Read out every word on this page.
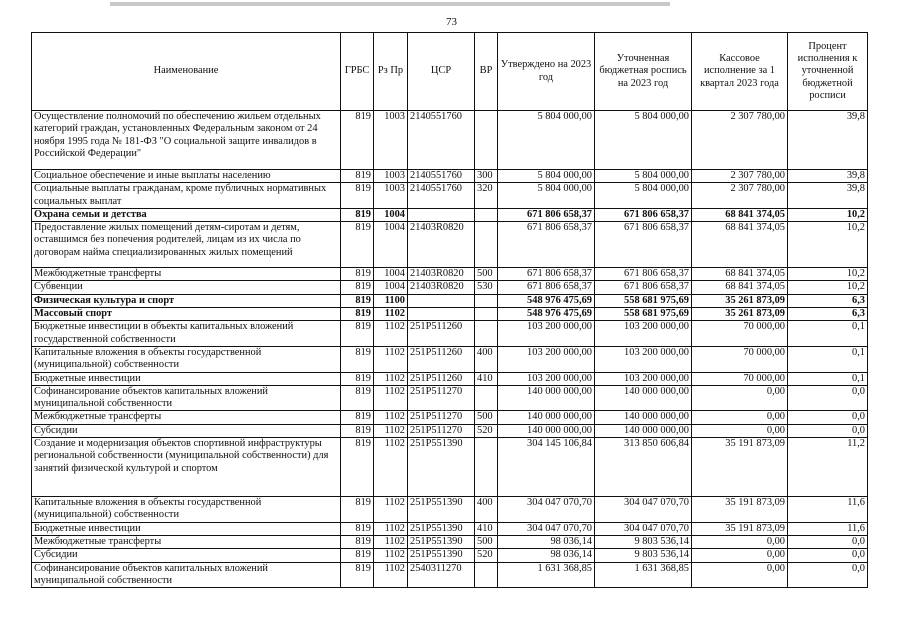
73
Наименование	ГРБС	Рз Пр	ЦСР	ВР	Утверждено на 2023 год	Уточненная бюджетная роспись на 2023 год	Кассовое исполнение за 1 квартал 2023 года	Процент исполнения к уточненной бюджетной росписи
Осуществление полномочий по обеспечению жильем отдельных категорий граждан, установленных Федеральным законом от 24 ноября 1995 года № 181-ФЗ "О социальной защите инвалидов в Российской Федерации"	819	1003	2140551760		5 804 000,00	5 804 000,00	2 307 780,00	39,8
Социальное обеспечение и иные выплаты населению	819	1003	2140551760	300	5 804 000,00	5 804 000,00	2 307 780,00	39,8
Социальные выплаты гражданам, кроме публичных нормативных социальных выплат	819	1003	2140551760	320	5 804 000,00	5 804 000,00	2 307 780,00	39,8
Охрана семьи и детства	819	1004			671 806 658,37	671 806 658,37	68 841 374,05	10,2
Предоставление жилых помещений детям-сиротам и детям, оставшимся без попечения родителей, лицам из их числа по договорам найма специализированных жилых помещений	819	1004	21403R0820		671 806 658,37	671 806 658,37	68 841 374,05	10,2
Межбюджетные трансферты	819	1004	21403R0820	500	671 806 658,37	671 806 658,37	68 841 374,05	10,2
Субвенции	819	1004	21403R0820	530	671 806 658,37	671 806 658,37	68 841 374,05	10,2
Физическая культура и спорт	819	1100			548 976 475,69	558 681 975,69	35 261 873,09	6,3
Массовый спорт	819	1102			548 976 475,69	558 681 975,69	35 261 873,09	6,3
Бюджетные инвестиции в объекты капитальных вложений государственной собственности	819	1102	251P511260		103 200 000,00	103 200 000,00	70 000,00	0,1
Капитальные вложения в объекты государственной (муниципальной) собственности	819	1102	251P511260	400	103 200 000,00	103 200 000,00	70 000,00	0,1
Бюджетные инвестиции	819	1102	251P511260	410	103 200 000,00	103 200 000,00	70 000,00	0,1
Софинансирование объектов капитальных вложений муниципальной собственности	819	1102	251P511270		140 000 000,00	140 000 000,00	0,00	0,0
Межбюджетные трансферты	819	1102	251P511270	500	140 000 000,00	140 000 000,00	0,00	0,0
Субсидии	819	1102	251P511270	520	140 000 000,00	140 000 000,00	0,00	0,0
Создание и модернизация объектов спортивной инфраструктуры региональной собственности (муниципальной собственности) для занятий физической культурой и спортом	819	1102	251P551390		304 145 106,84	313 850 606,84	35 191 873,09	11,2
Капитальные вложения в объекты государственной (муниципальной) собственности	819	1102	251P551390	400	304 047 070,70	304 047 070,70	35 191 873,09	11,6
Бюджетные инвестиции	819	1102	251P551390	410	304 047 070,70	304 047 070,70	35 191 873,09	11,6
Межбюджетные трансферты	819	1102	251P551390	500	98 036,14	9 803 536,14	0,00	0,0
Субсидии	819	1102	251P551390	520	98 036,14	9 803 536,14	0,00	0,0
Софинансирование объектов капитальных вложений муниципальной собственности	819	1102	2540311270		1 631 368,85	1 631 368,85	0,00	0,0
